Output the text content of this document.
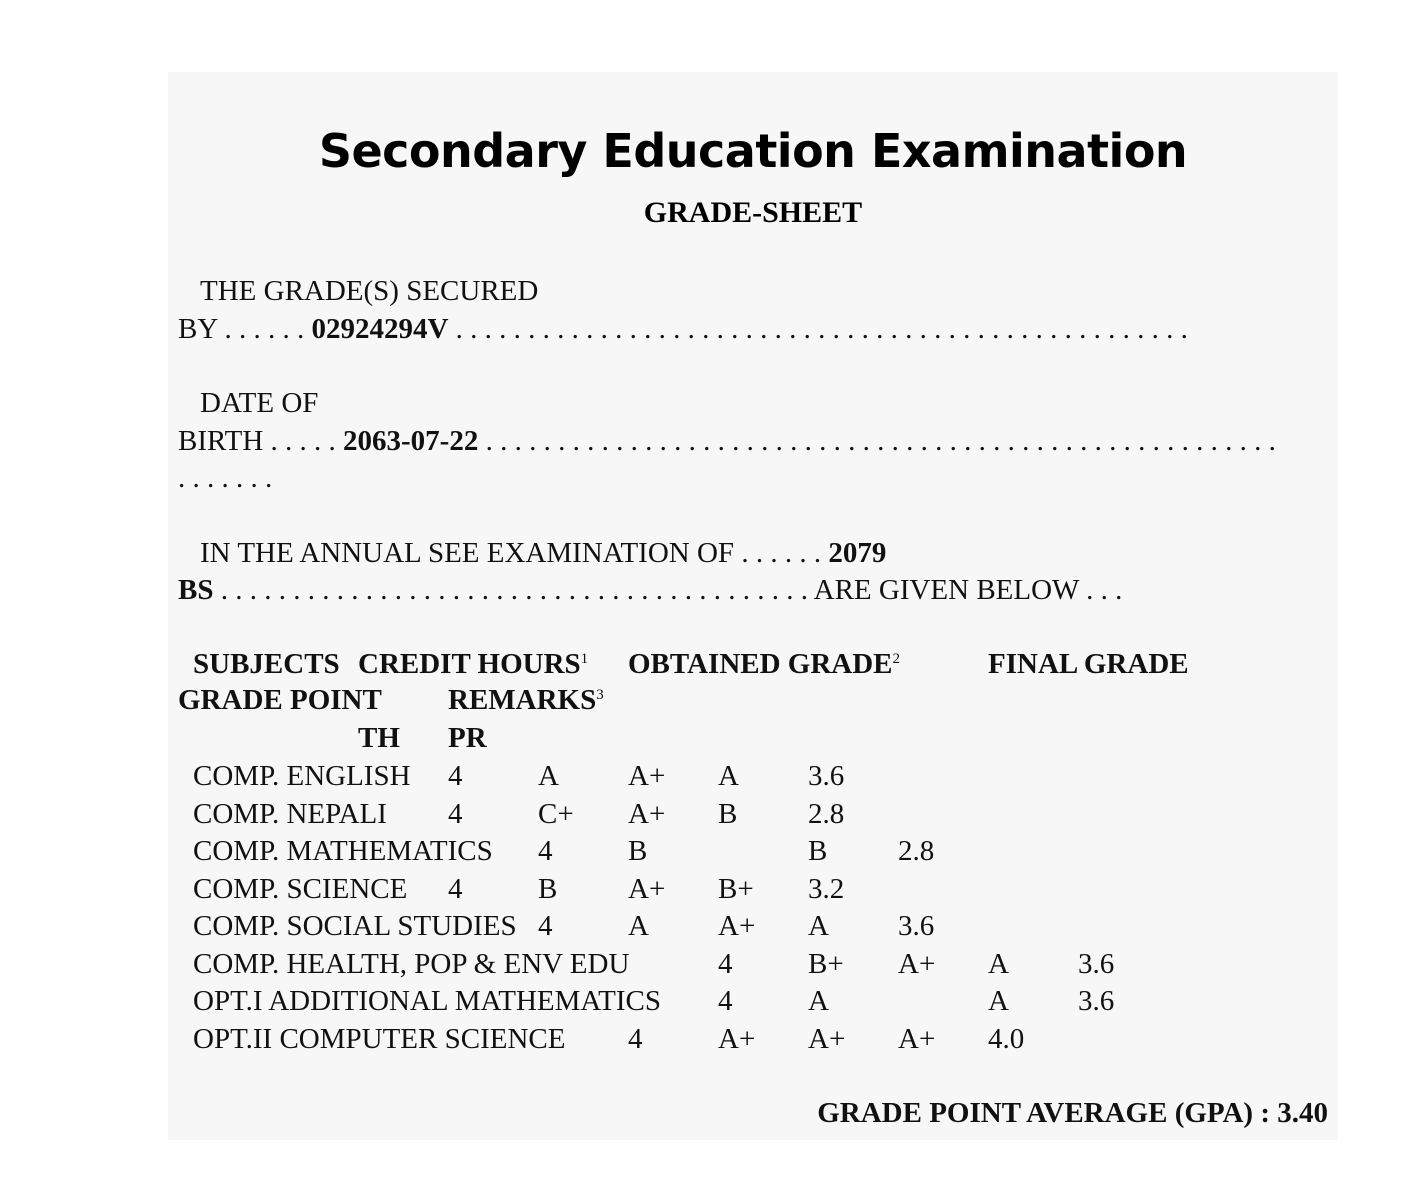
Secondary Education Examination
GRADE-SHEET
THE GRADE(S) SECURED
BY . . . . . . 02924294V . . . . . . . . . . . . . . . . . . . . . . . . . . . . . . . . . . . . . . . . . . . . . . . . . . .
DATE OF
BIRTH . . . . . 2063-07-22 . . . . . . . . . . . . . . . . . . . . . . . . . . . . . . . . . . . . . . . . . . . . . . . . . . . . . . .
. . . . . . .
IN THE ANNUAL SEE EXAMINATION OF . . . . . . 2079
BS . . . . . . . . . . . . . . . . . . . . . . . . . . . . . . . . . . . . . . . . . ARE GIVEN BELOW . . .
SUBJECTS CREDIT HOURS$^1$ OBTAINED GRADE$^2$	FINAL GRADE
GRADE POINT REMARKS$^3$
TH PR
COMP. ENGLISH 4	A A+ A 3.6
COMP. NEPALI 4	C+ A+ B 2.8
COMP. MATHEMATICS 4	B	B 2.8
COMP. SCIENCE 4	B A+ B+ 3.2
COMP. SOCIAL STUDIES 4	A A+ A 3.6
COMP. HEALTH, POP & ENV EDU	4	B+ A+ A 3.6
OPT.I ADDITIONAL MATHEMATICS 4	A	A 3.6
OPT.II COMPUTER SCIENCE 4	A+ A+ A+ 4.0
GRADE POINT AVERAGE (GPA) : 3.40
